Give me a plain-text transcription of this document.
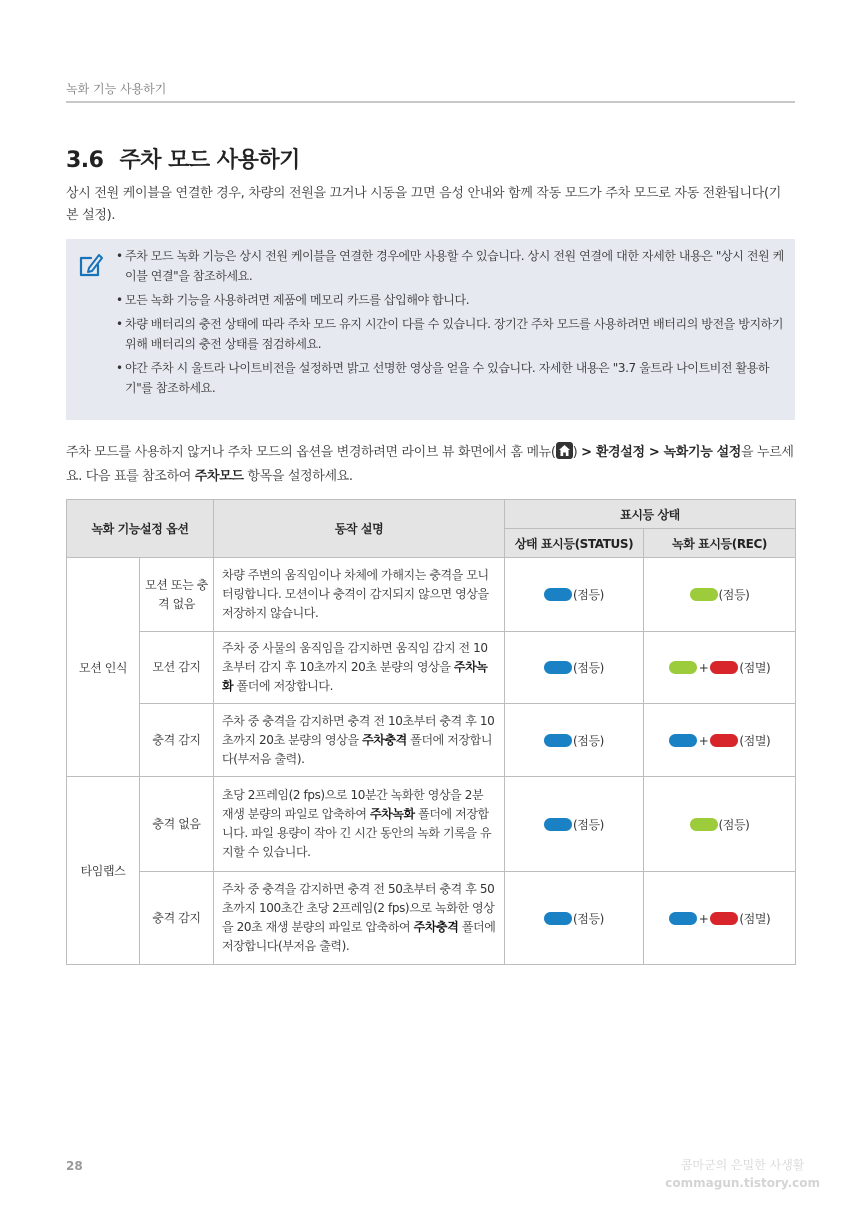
녹화 기능 사용하기
3.6 주차 모드 사용하기
상시 전원 케이블을 연결한 경우, 차량의 전원을 끄거나 시동을 끄면 음성 안내와 함께 작동 모드가 주차 모드로 자동 전환됩니다(기본 설정).
• 주차 모드 녹화 기능은 상시 전원 케이블을 연결한 경우에만 사용할 수 있습니다. 상시 전원 연결에 대한 자세한 내용은 "상시 전원 케이블 연결"을 참조하세요.
• 모든 녹화 기능을 사용하려면 제품에 메모리 카드를 삽입해야 합니다.
• 차량 배터리의 충전 상태에 따라 주차 모드 유지 시간이 다를 수 있습니다. 장기간 주차 모드를 사용하려면 배터리의 방전을 방지하기 위해 배터리의 충전 상태를 점검하세요.
• 야간 주차 시 울트라 나이트비전을 설정하면 밝고 선명한 영상을 얻을 수 있습니다. 자세한 내용은 "3.7 울트라 나이트비전 활용하기"를 참조하세요.
주차 모드를 사용하지 않거나 주차 모드의 옵션을 변경하려면 라이브 뷰 화면에서 홈 메뉴( ) > 환경설정 > 녹화기능 설정을 누르세요. 다음 표를 참조하여 주차모드 항목을 설정하세요.
녹화 기능설정 옵션		동작 설명	표시등 상태	
			상태 표시등(STATUS)	녹화 표시등(REC)
모션 인식	모션 또는 충격 없음	차량 주변의 움직임이나 차체에 가해지는 충격을 모니터링합니다. 모션이나 충격이 감지되지 않으면 영상을 저장하지 않습니다.	(점등)	(점등)
	모션 감지	주차 중 사물의 움직임을 감지하면 움직임 감지 전 10초부터 감지 후 10초까지 20초 분량의 영상을 주차녹화 폴더에 저장합니다.	(점등)	+ (점멸)
	충격 감지	주차 중 충격을 감지하면 충격 전 10초부터 충격 후 10초까지 20초 분량의 영상을 주차충격 폴더에 저장합니다(부저음 출력).	(점등)	+ (점멸)
타임랩스	충격 없음	초당 2프레임(2 fps)으로 10분간 녹화한 영상을 2분 재생 분량의 파일로 압축하여 주차녹화 폴더에 저장합니다. 파일 용량이 작아 긴 시간 동안의 녹화 기록을 유지할 수 있습니다.	(점등)	(점등)
	충격 감지	주차 중 충격을 감지하면 충격 전 50초부터 충격 후 50초까지 100초간 초당 2프레임(2 fps)으로 녹화한 영상을 20초 재생 분량의 파일로 압축하여 주차충격 폴더에 저장합니다(부저음 출력).	(점등)	+ (점멸)
28	콤마군의 은밀한 사생활
commagun.tistory.com
